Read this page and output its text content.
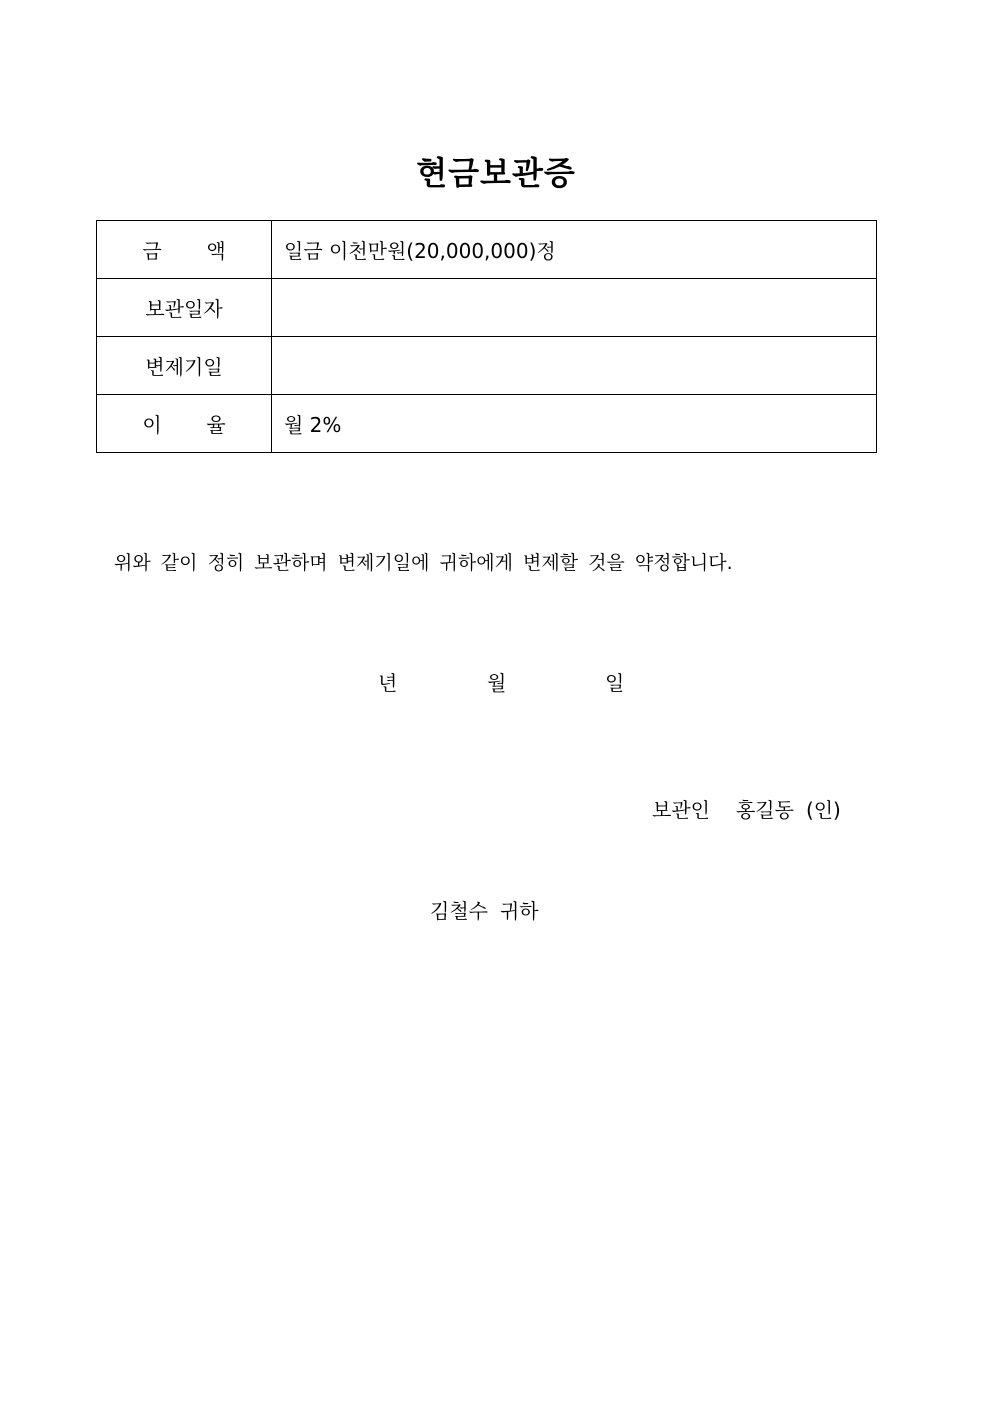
현금보관증
금 액	일금 이천만원(20,000,000)정
보관일자	
변제기일	
이 율	월 2%
위와 같이 정히 보관하며 변제기일에 귀하에게 변제할 것을 약정합니다.
년	월	일
보관인 홍길동 (인)
김철수 귀하
